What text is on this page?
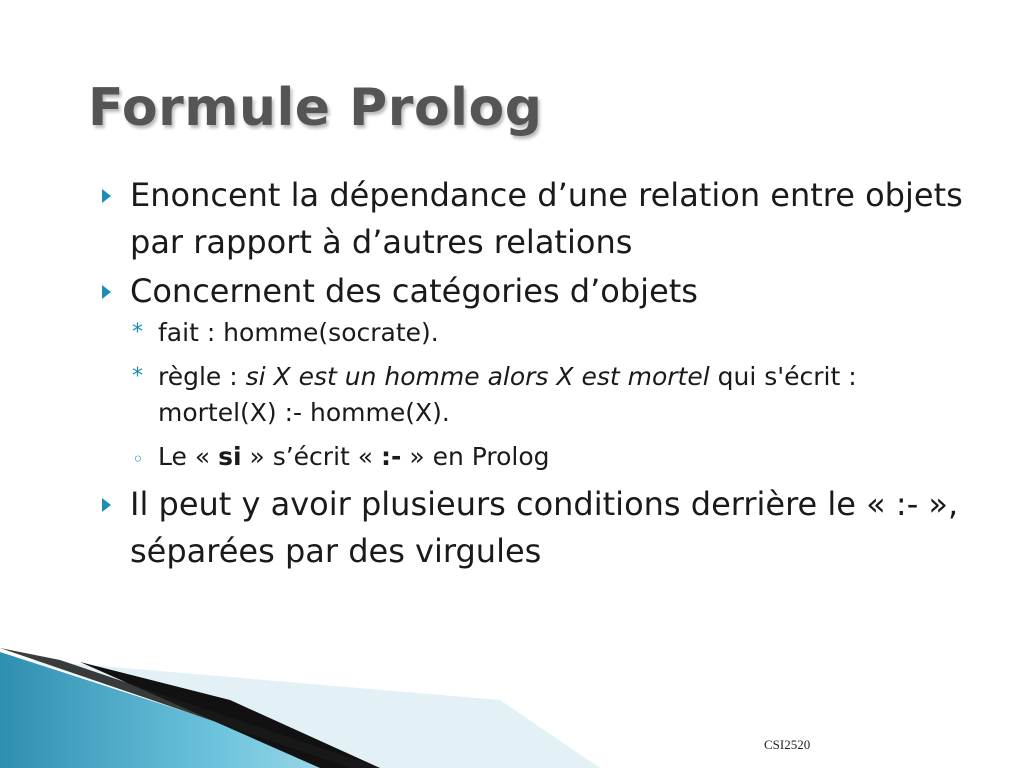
Formule Prolog
Enoncent la dépendance d’une relation entre objets par rapport à d’autres relations
Concernent des catégories d’objets
* fait : homme(socrate).
* règle : si X est un homme alors X est mortel qui s'écrit : mortel(X) :- homme(X).
◦ Le « si » s’écrit « :- » en Prolog
Il peut y avoir plusieurs conditions derrière le « :- », séparées par des virgules
CSI2520
